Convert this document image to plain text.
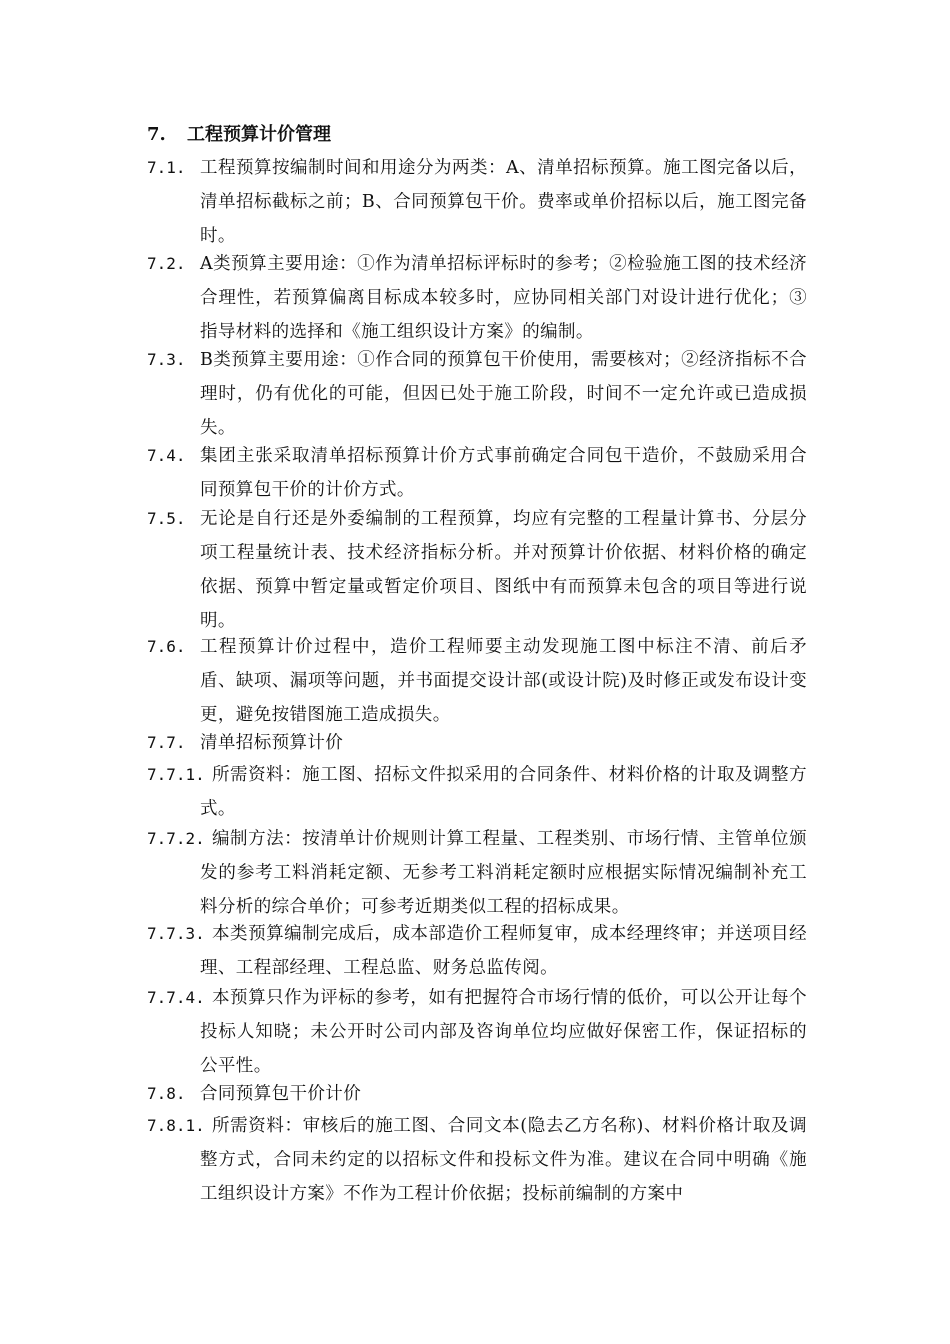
7.	工程预算计价管理
7.1. 工程预算按编制时间和用途分为两类：A、清单招标预算。施工图完备以后，清单招标截标之前；B、合同预算包干价。费率或单价招标以后，施工图完备时。
7.2. A类预算主要用途：①作为清单招标评标时的参考；②检验施工图的技术经济合理性，若预算偏离目标成本较多时，应协同相关部门对设计进行优化；③指导材料的选择和《施工组织设计方案》的编制。
7.3. B类预算主要用途：①作合同的预算包干价使用，需要核对；②经济指标不合理时，仍有优化的可能，但因已处于施工阶段，时间不一定允许或已造成损失。
7.4. 集团主张采取清单招标预算计价方式事前确定合同包干造价，不鼓励采用合同预算包干价的计价方式。
7.5. 无论是自行还是外委编制的工程预算，均应有完整的工程量计算书、分层分项工程量统计表、技术经济指标分析。并对预算计价依据、材料价格的确定依据、预算中暂定量或暂定价项目、图纸中有而预算未包含的项目等进行说明。
7.6. 工程预算计价过程中，造价工程师要主动发现施工图中标注不清、前后矛盾、缺项、漏项等问题，并书面提交设计部(或设计院)及时修正或发布设计变更，避免按错图施工造成损失。
7.7. 清单招标预算计价
7.7.1. 所需资料：施工图、招标文件拟采用的合同条件、材料价格的计取及调整方式。
7.7.2. 编制方法：按清单计价规则计算工程量、工程类别、市场行情、主管单位颁发的参考工料消耗定额、无参考工料消耗定额时应根据实际情况编制补充工料分析的综合单价；可参考近期类似工程的招标成果。
7.7.3. 本类预算编制完成后，成本部造价工程师复审，成本经理终审；并送项目经理、工程部经理、工程总监、财务总监传阅。
7.7.4. 本预算只作为评标的参考，如有把握符合市场行情的低价，可以公开让每个投标人知晓；未公开时公司内部及咨询单位均应做好保密工作，保证招标的公平性。
7.8. 合同预算包干价计价
7.8.1. 所需资料：审核后的施工图、合同文本(隐去乙方名称)、材料价格计取及调整方式，合同未约定的以招标文件和投标文件为准。建议在合同中明确《施工组织设计方案》不作为工程计价依据；投标前编制的方案中
